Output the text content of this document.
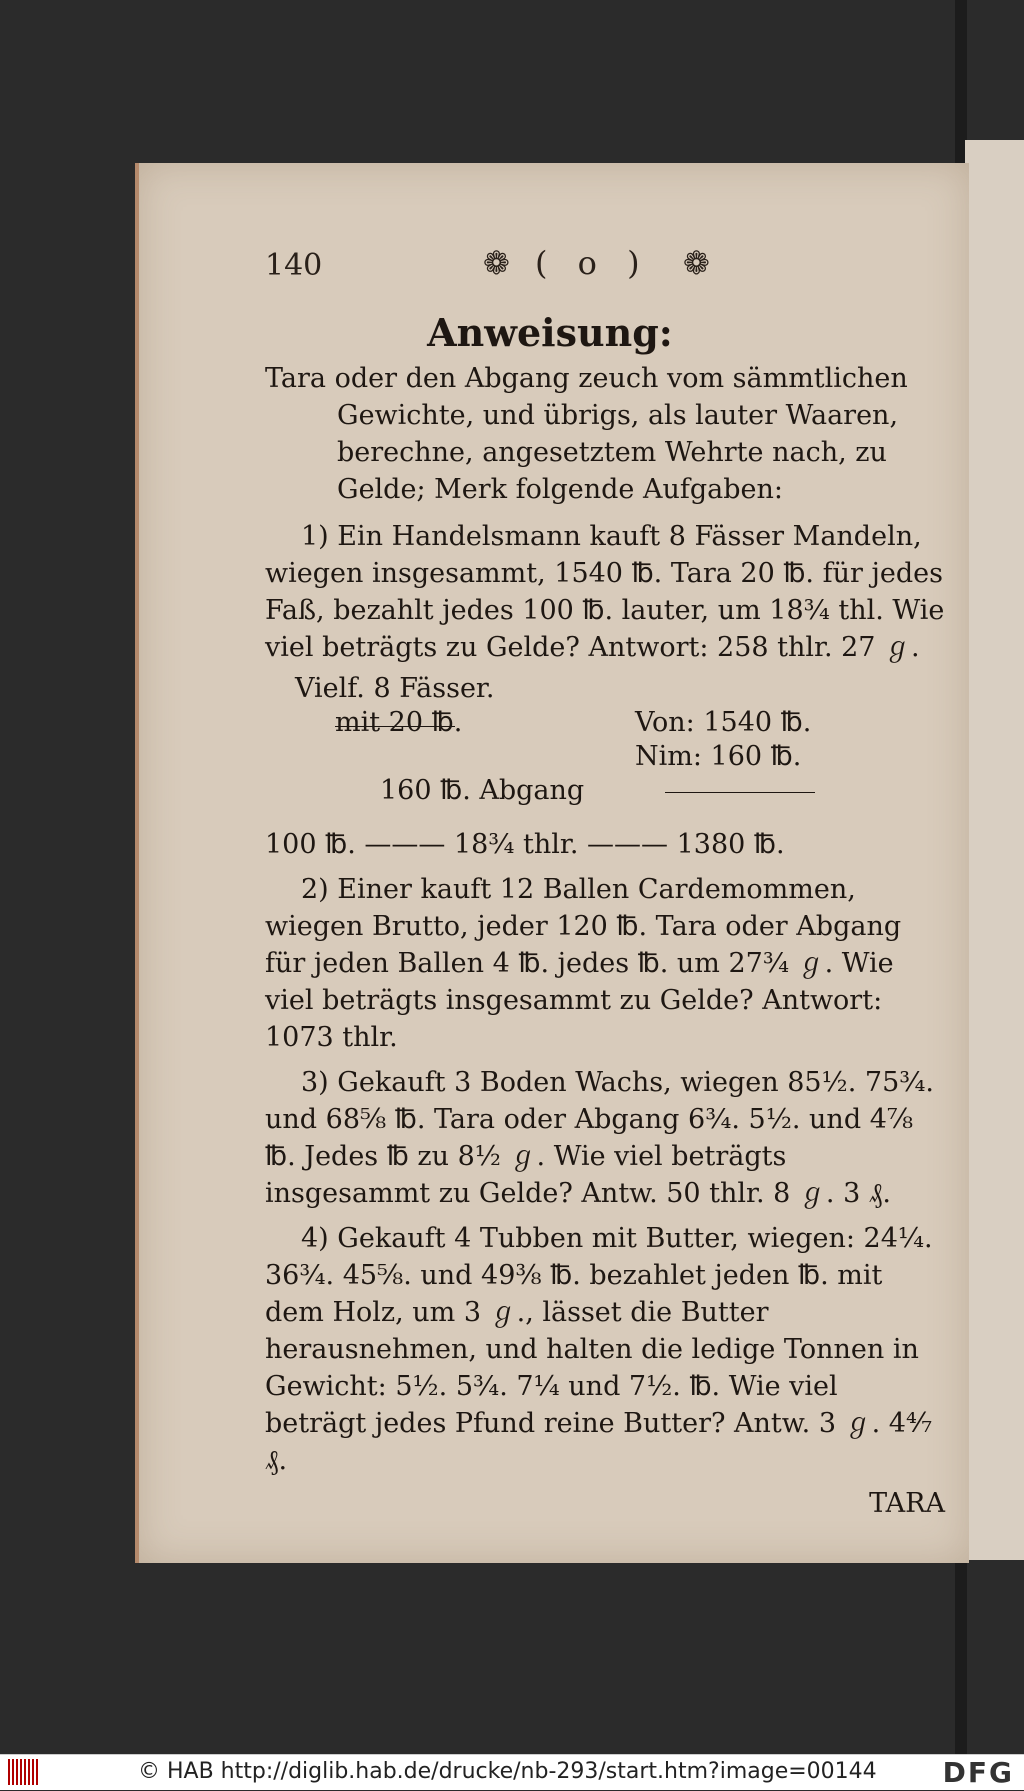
140	❁ ( o ) ❁
Anweisung:

Tara oder den Abgang zeuch vom sämmtlichen
Gewichte, und übrigs, als lauter Waaren, berechne, angesetztem Wehrte nach, zu Gelde; Merk folgende Aufgaben:

1) Ein Handelsmann kauft 8 Fässer Mandeln, wiegen insgesammt, 1540 ℔. Tara 20 ℔. für jedes Faß, bezahlt jedes 100 ℔. lauter, um 18¾ thl. Wie viel beträgts zu Gelde? Antwort: 258 thlr. 27 ℊ.

Vielf. 8 Fässer.
mit 20 ℔.	Von: 1540 ℔.
Nim: 160 ℔.
160 ℔. Abgang

100 ℔. ——— 18¾ thlr. ——— 1380 ℔.

2) Einer kauft 12 Ballen Cardemommen, wiegen Brutto, jeder 120 ℔. Tara oder Abgang für jeden Ballen 4 ℔. jedes ℔. um 27¾ ℊ. Wie viel beträgts insgesammt zu Gelde? Antwort: 1073 thlr.

3) Gekauft 3 Boden Wachs, wiegen 85½. 75¾. und 68⅝ ℔. Tara oder Abgang 6¾. 5½. und 4⅞ ℔. Jedes ℔ zu 8½ ℊ. Wie viel beträgts insgesammt zu Gelde? Antw. 50 thlr. 8 ℊ. 3 ₰.

4) Gekauft 4 Tubben mit Butter, wiegen: 24¼. 36¾. 45⅝. und 49⅜ ℔. bezahlet jeden ℔. mit dem Holz, um 3 ℊ., lässet die Butter herausnehmen, und halten die ledige Tonnen in Gewicht: 5½. 5¾. 7¼ und 7½. ℔. Wie viel beträgt jedes Pfund reine Butter? Antw. 3 ℊ. 4⁴⁄₇ ₰.

TARA

© HAB http://diglib.hab.de/drucke/nb-293/start.htm?image=00144 DFG
